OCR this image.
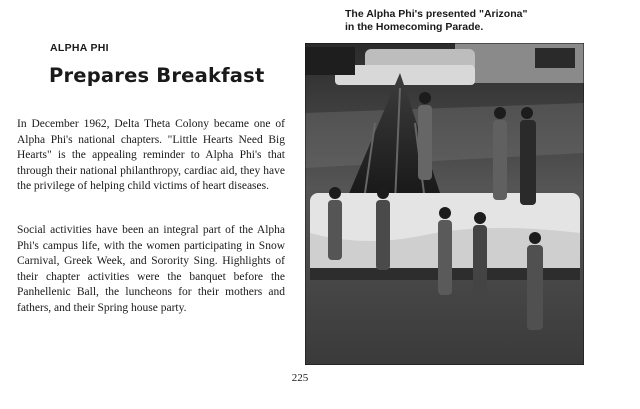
ALPHA PHI
Prepares Breakfast

In December 1962, Delta Theta Colony became one of Alpha Phi's national chapters. "Little Hearts Need Big Hearts" is the appealing reminder to Alpha Phi's that through their national philanthropy, cardiac aid, they have the privilege of helping child victims of heart diseases.

Social activities have been an integral part of the Alpha Phi's campus life, with the women participating in Snow Carnival, Greek Week, and Sorority Sing. Highlights of their chapter activities were the banquet before the Panhellenic Ball, the luncheons for their mothers and fathers, and their Spring house party.

The Alpha Phi's presented "Arizona"
in the Homecoming Parade.
225
